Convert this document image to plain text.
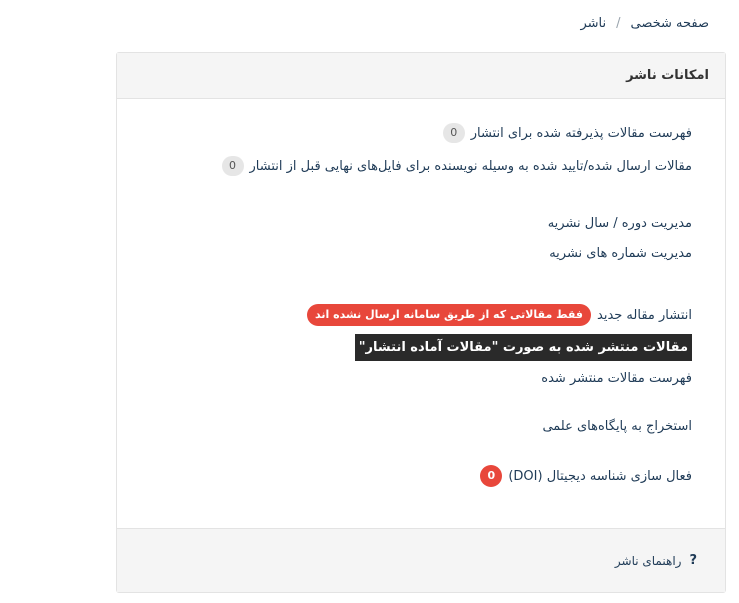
صفحه شخصی
/
ناشر
امکانات ناشر
فهرست مقالات پذیرفته شده برای انتشار
0
مقالات ارسال شده/تایید شده به وسیله نویسنده برای فایل‌های نهایی قبل از انتشار
0
مدیریت دوره / سال نشریه
مدیریت شماره های نشریه
انتشار مقاله جدید
فقط مقالاتی که از طریق سامانه ارسال نشده اند
مقالات منتشر شده به صورت "مقالات آماده انتشار"
فهرست مقالات منتشر شده
استخراج به پایگاه‌های علمی
فعال سازی شناسه دیجیتال (DOI)
0
?
راهنمای ناشر
